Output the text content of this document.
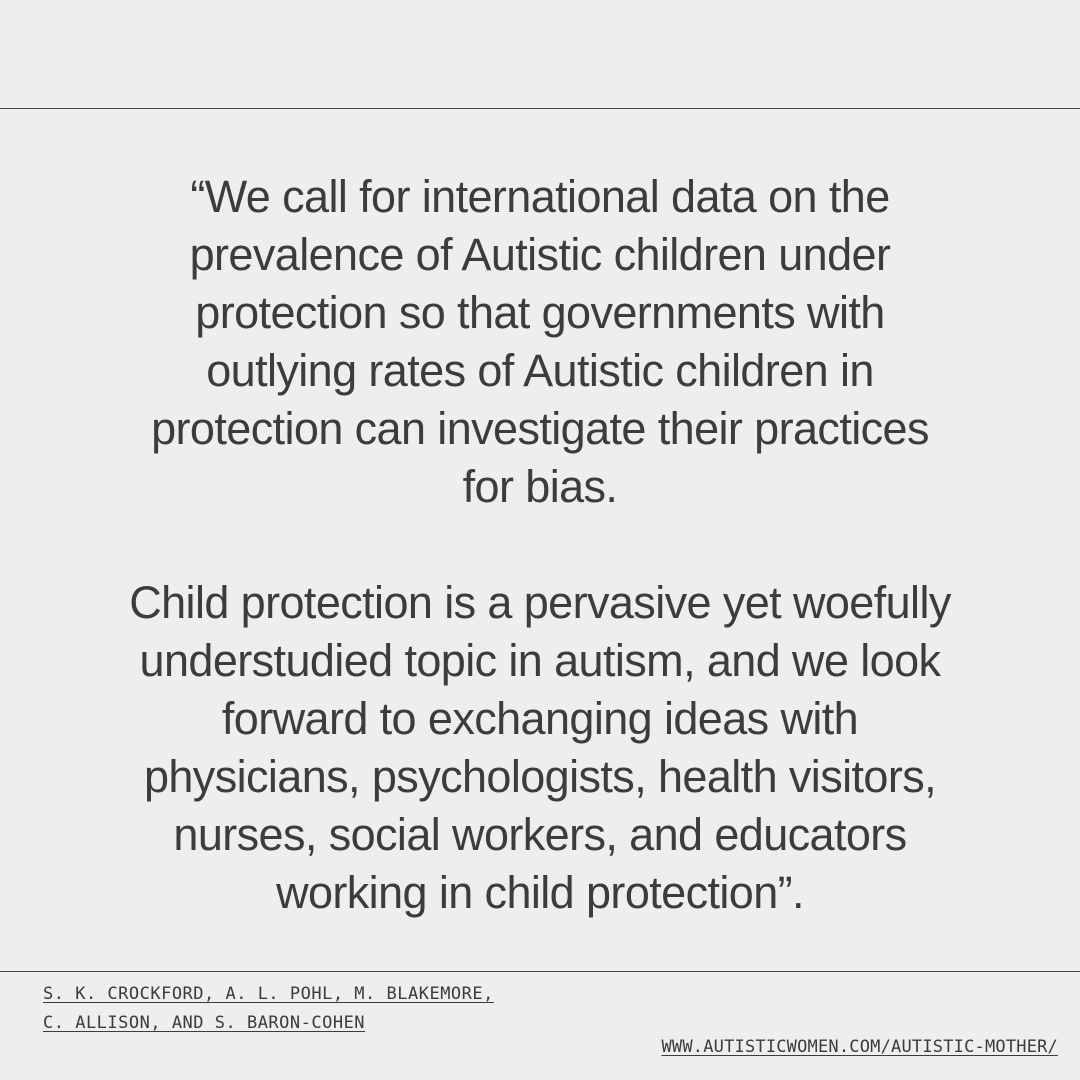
“We call for international data on the
prevalence of Autistic children under
protection so that governments with
outlying rates of Autistic children in
protection can investigate their practices
for bias.

Child protection is a pervasive yet woefully
understudied topic in autism, and we look
forward to exchanging ideas with
physicians, psychologists, health visitors,
nurses, social workers, and educators
working in child protection”.

S. K. CROCKFORD, A. L. POHL, M. BLAKEMORE,
C. ALLISON, AND S. BARON-COHEN
WWW.AUTISTICWOMEN.COM/AUTISTIC-MOTHER/
